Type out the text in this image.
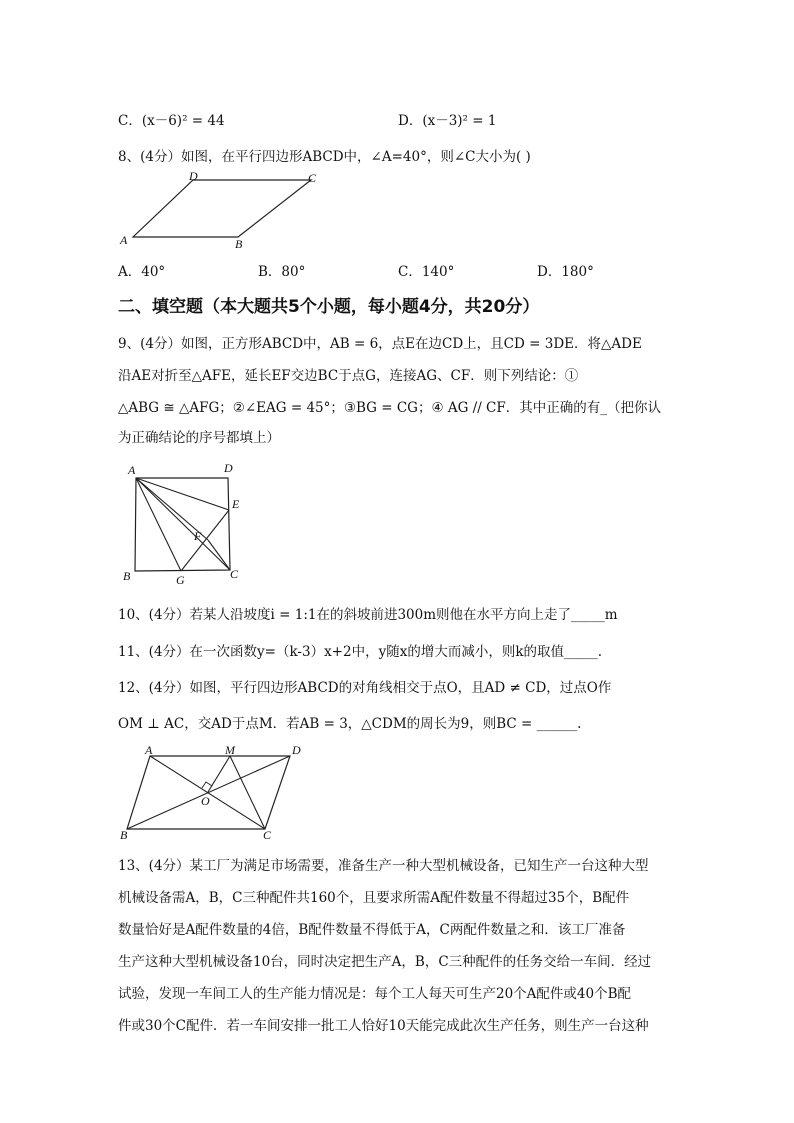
C．(x－6)² = 44	D．(x－3)² = 1
8、(4分）如图，在平行四边形ABCD中，∠A=40°，则∠C大小为( )
A	B
C
D
A．40°	B．80°	C．140°	D．180°
二、填空题（本大题共5个小题，每小题4分，共20分）
9、(4分）如图，正方形ABCD中，AB = 6，点E在边CD上，且CD = 3DE．将△ADE
沿AE对折至△AFE，延长EF交边BC于点G，连接AG、CF．则下列结论：①
△ABG ≅ △AFG；②∠EAG = 45°；③BG = CG；④ AG // CF．其中正确的有_（把你认
为正确结论的序号都填上）
A	D
E
F
B	G	C
10、(4分）若某人沿坡度i = 1:1在的斜坡前进300m则他在水平方向上走了_____m
11、(4分）在一次函数y=（k-3）x+2中，y随x的增大而减小，则k的取值_____.
12、(4分）如图，平行四边形ABCD的对角线相交于点O，且AD ≠ CD，过点O作
OM ⊥ AC，交AD于点M．若AB = 3，△CDM的周长为9，则BC = ______.
A	M	D
O
B	C
13、(4分）某工厂为满足市场需要，准备生产一种大型机械设备，已知生产一台这种大型
机械设备需A，B，C三种配件共160个，且要求所需A配件数量不得超过35个，B配件
数量恰好是A配件数量的4倍，B配件数量不得低于A，C两配件数量之和．该工厂准备
生产这种大型机械设备10台，同时决定把生产A，B，C三种配件的任务交给一车间．经过
试验，发现一车间工人的生产能力情况是：每个工人每天可生产20个A配件或40个B配
件或30个C配件．若一车间安排一批工人恰好10天能完成此次生产任务，则生产一台这种
